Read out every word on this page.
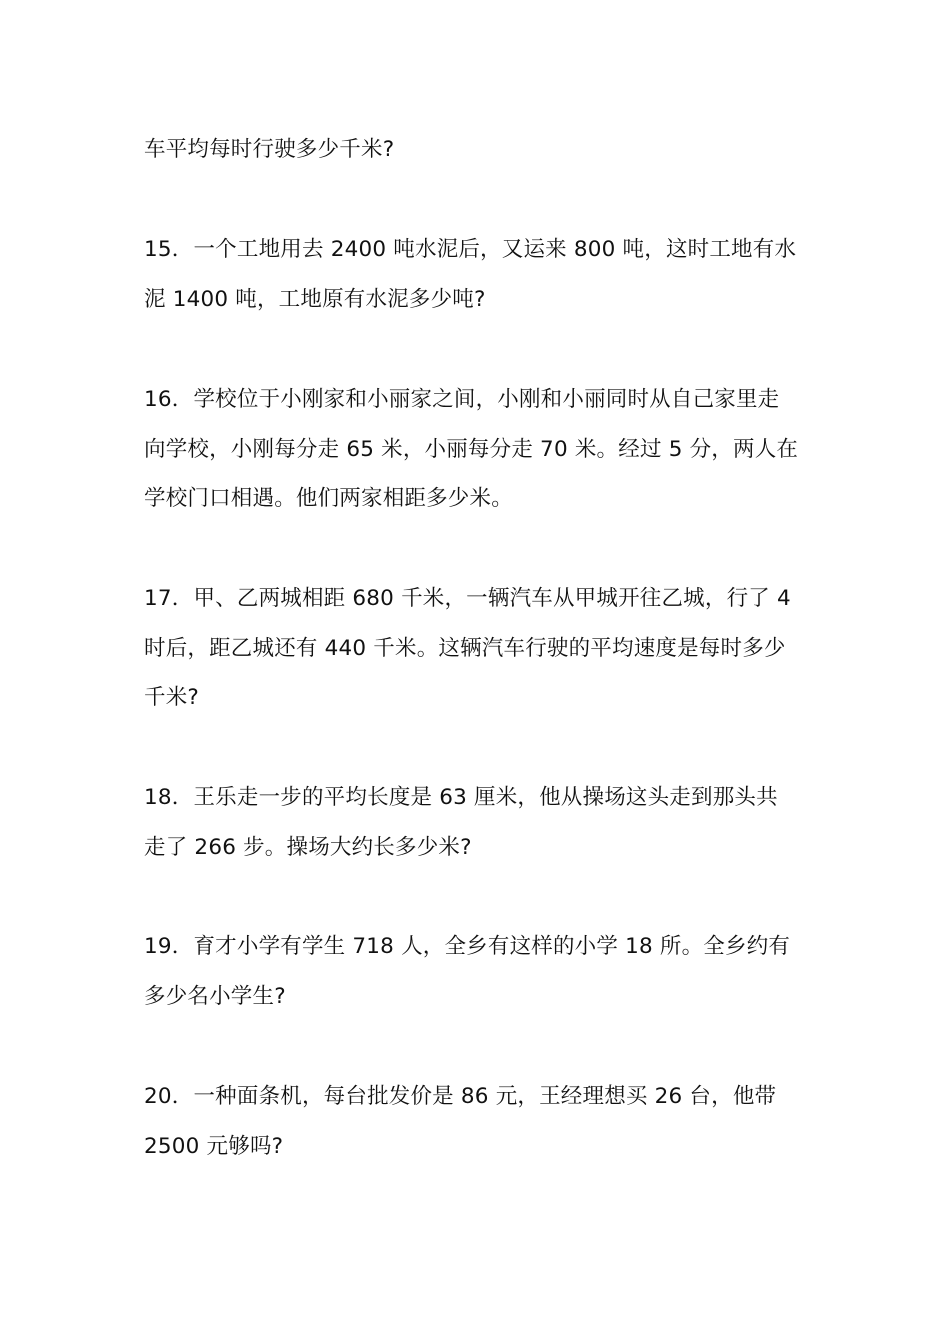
车平均每时行驶多少千米?
15．一个工地用去 2400 吨水泥后，又运来 800 吨，这时工地有水
泥 1400 吨，工地原有水泥多少吨?
16．学校位于小刚家和小丽家之间，小刚和小丽同时从自己家里走
向学校，小刚每分走 65 米，小丽每分走 70 米。经过 5 分，两人在
学校门口相遇。他们两家相距多少米。
17．甲、乙两城相距 680 千米，一辆汽车从甲城开往乙城，行了 4
时后，距乙城还有 440 千米。这辆汽车行驶的平均速度是每时多少
千米?
18．王乐走一步的平均长度是 63 厘米，他从操场这头走到那头共
走了 266 步。操场大约长多少米?
19．育才小学有学生 718 人，全乡有这样的小学 18 所。全乡约有
多少名小学生?
20．一种面条机，每台批发价是 86 元，王经理想买 26 台，他带
2500 元够吗?
